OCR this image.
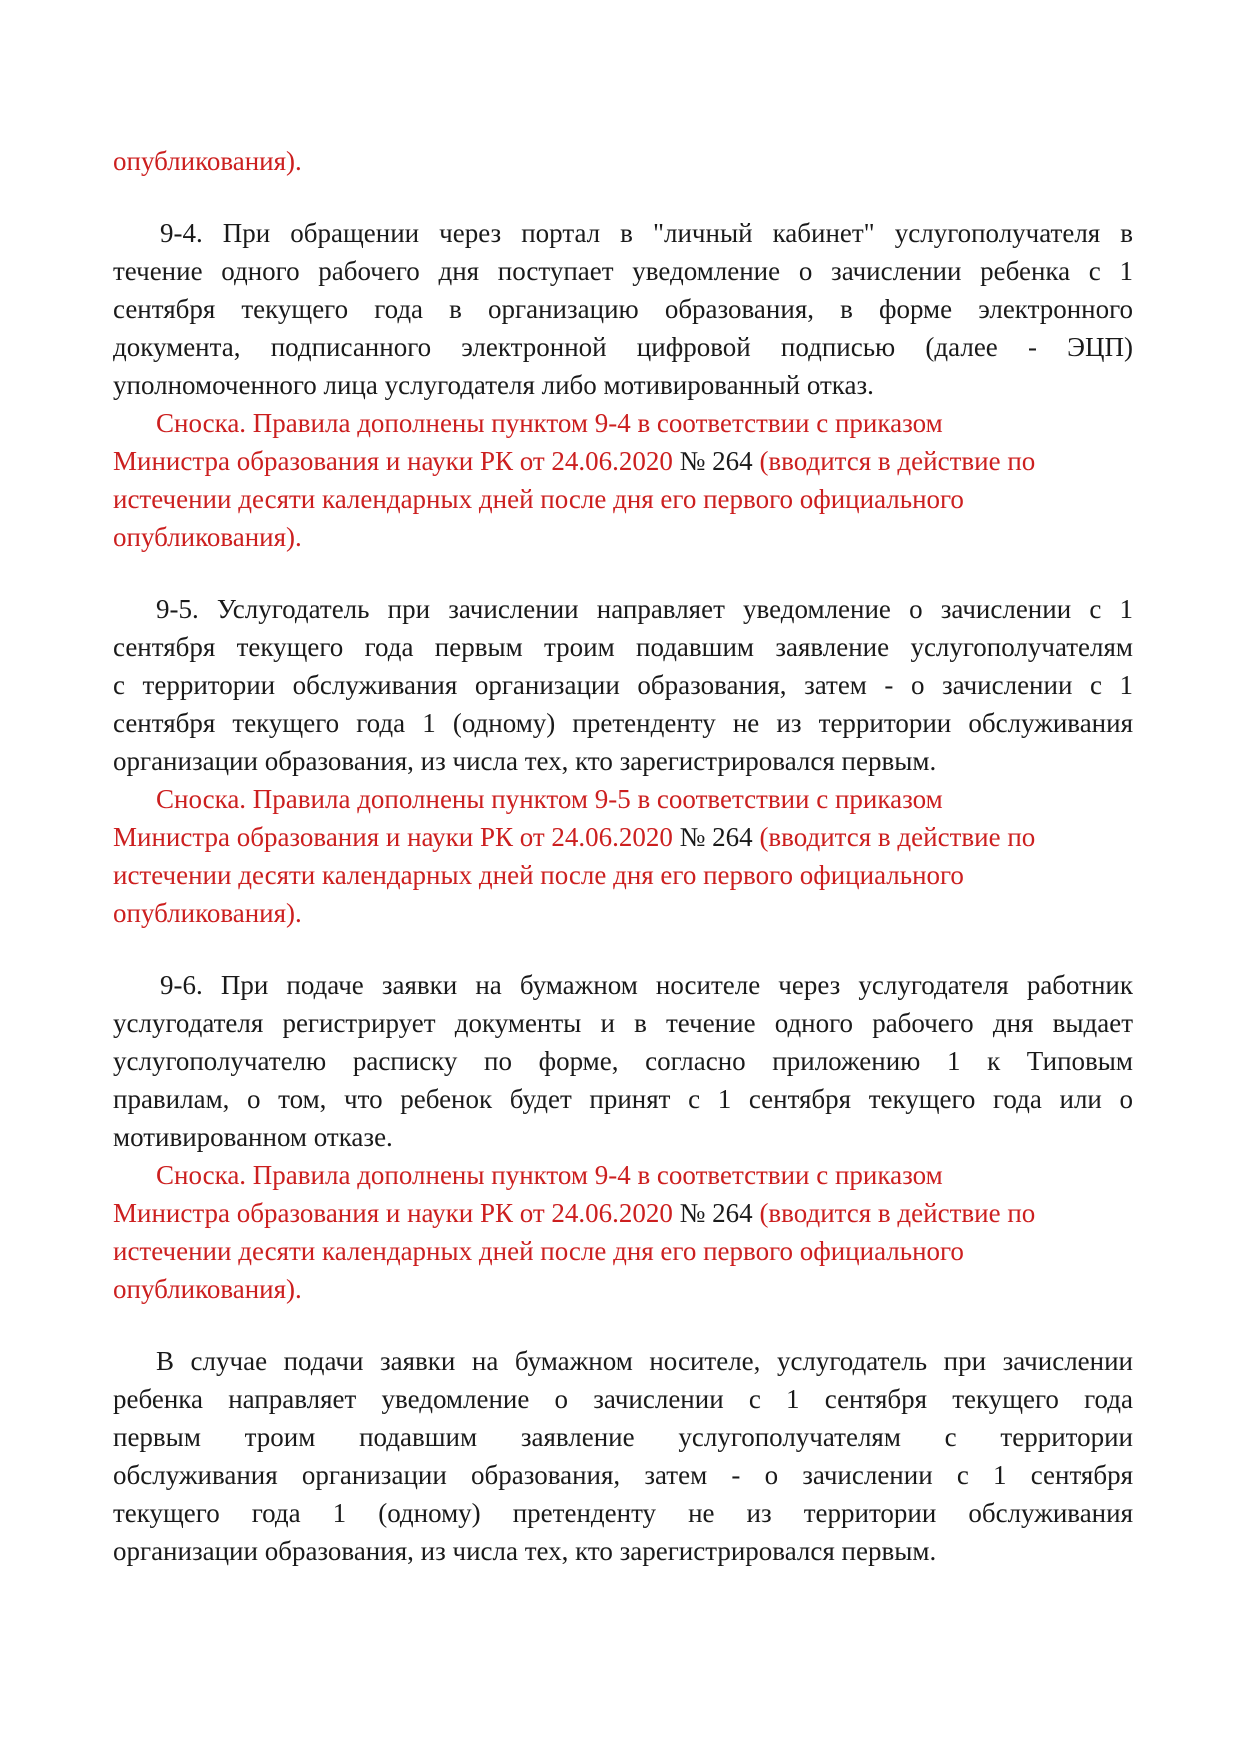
опубликования).
9-4. При обращении через портал в "личный кабинет" услугополучателя в
течение одного рабочего дня поступает уведомление о зачислении ребенка с 1
сентября текущего года в организацию образования, в форме электронного
документа, подписанного электронной цифровой подписью (далее - ЭЦП)
уполномоченного лица услугодателя либо мотивированный отказ.
Сноска. Правила дополнены пунктом 9-4 в соответствии с приказом
Министра образования и науки РК от 24.06.2020 № 264 (вводится в действие по
истечении десяти календарных дней после дня его первого официального
опубликования).
9-5. Услугодатель при зачислении направляет уведомление о зачислении с 1
сентября текущего года первым троим подавшим заявление услугополучателям
с территории обслуживания организации образования, затем - о зачислении с 1
сентября текущего года 1 (одному) претенденту не из территории обслуживания
организации образования, из числа тех, кто зарегистрировался первым.
Сноска. Правила дополнены пунктом 9-5 в соответствии с приказом
Министра образования и науки РК от 24.06.2020 № 264 (вводится в действие по
истечении десяти календарных дней после дня его первого официального
опубликования).
9-6. При подаче заявки на бумажном носителе через услугодателя работник
услугодателя регистрирует документы и в течение одного рабочего дня выдает
услугополучателю расписку по форме, согласно приложению 1 к Типовым
правилам, о том, что ребенок будет принят с 1 сентября текущего года или о
мотивированном отказе.
Сноска. Правила дополнены пунктом 9-4 в соответствии с приказом
Министра образования и науки РК от 24.06.2020 № 264 (вводится в действие по
истечении десяти календарных дней после дня его первого официального
опубликования).
В случае подачи заявки на бумажном носителе, услугодатель при зачислении
ребенка направляет уведомление о зачислении с 1 сентября текущего года
первым троим подавшим заявление услугополучателям с территории
обслуживания организации образования, затем - о зачислении с 1 сентября
текущего года 1 (одному) претенденту не из территории обслуживания
организации образования, из числа тех, кто зарегистрировался первым.
